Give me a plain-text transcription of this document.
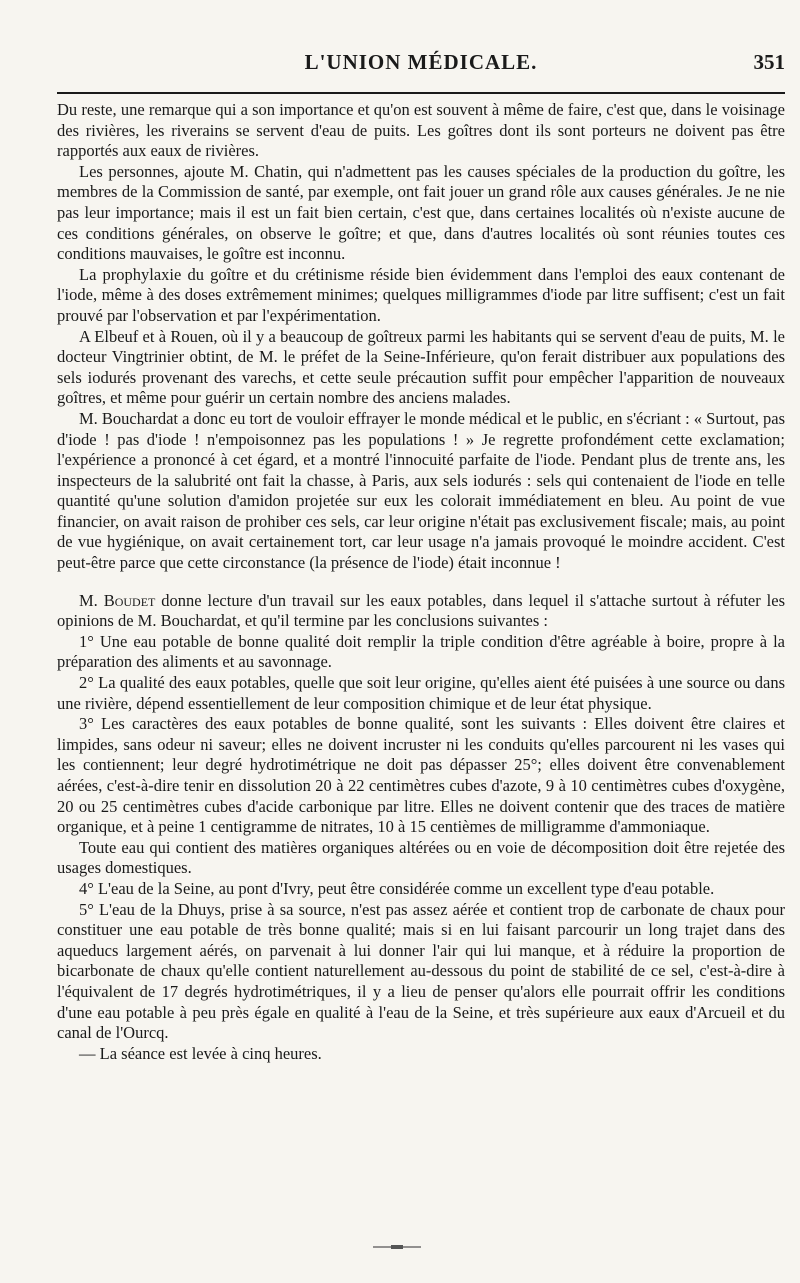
L'UNION MÉDICALE.	351

Du reste, une remarque qui a son importance et qu'on est souvent à même de faire, c'est que, dans le voisinage des rivières, les riverains se servent d'eau de puits. Les goîtres dont ils sont porteurs ne doivent pas être rapportés aux eaux de rivières.

Les personnes, ajoute M. Chatin, qui n'admettent pas les causes spéciales de la production du goître, les membres de la Commission de santé, par exemple, ont fait jouer un grand rôle aux causes générales. Je ne nie pas leur importance; mais il est un fait bien certain, c'est que, dans certaines localités où n'existe aucune de ces conditions générales, on observe le goître; et que, dans d'autres localités où sont réunies toutes ces conditions mauvaises, le goître est inconnu.

La prophylaxie du goître et du crétinisme réside bien évidemment dans l'emploi des eaux contenant de l'iode, même à des doses extrêmement minimes; quelques milligrammes d'iode par litre suffisent; c'est un fait prouvé par l'observation et par l'expérimentation.

A Elbeuf et à Rouen, où il y a beaucoup de goîtreux parmi les habitants qui se servent d'eau de puits, M. le docteur Vingtrinier obtint, de M. le préfet de la Seine-Inférieure, qu'on ferait distribuer aux populations des sels iodurés provenant des varechs, et cette seule précaution suffit pour empêcher l'apparition de nouveaux goîtres, et même pour guérir un certain nombre des anciens malades.

M. Bouchardat a donc eu tort de vouloir effrayer le monde médical et le public, en s'écriant : « Surtout, pas d'iode ! pas d'iode ! n'empoisonnez pas les populations ! » Je regrette profondément cette exclamation; l'expérience a prononcé à cet égard, et a montré l'innocuité parfaite de l'iode. Pendant plus de trente ans, les inspecteurs de la salubrité ont fait la chasse, à Paris, aux sels iodurés : sels qui contenaient de l'iode en telle quantité qu'une solution d'amidon projetée sur eux les colorait immédiatement en bleu. Au point de vue financier, on avait raison de prohiber ces sels, car leur origine n'était pas exclusivement fiscale; mais, au point de vue hygiénique, on avait certainement tort, car leur usage n'a jamais provoqué le moindre accident. C'est peut-être parce que cette circonstance (la présence de l'iode) était inconnue !

M. Boudet donne lecture d'un travail sur les eaux potables, dans lequel il s'attache surtout à réfuter les opinions de M. Bouchardat, et qu'il termine par les conclusions suivantes :

1° Une eau potable de bonne qualité doit remplir la triple condition d'être agréable à boire, propre à la préparation des aliments et au savonnage.

2° La qualité des eaux potables, quelle que soit leur origine, qu'elles aient été puisées à une source ou dans une rivière, dépend essentiellement de leur composition chimique et de leur état physique.

3° Les caractères des eaux potables de bonne qualité, sont les suivants : Elles doivent être claires et limpides, sans odeur ni saveur; elles ne doivent incruster ni les conduits qu'elles parcourent ni les vases qui les contiennent; leur degré hydrotimétrique ne doit pas dépasser 25°; elles doivent être convenablement aérées, c'est-à-dire tenir en dissolution 20 à 22 centimètres cubes d'azote, 9 à 10 centimètres cubes d'oxygène, 20 ou 25 centimètres cubes d'acide carbonique par litre. Elles ne doivent contenir que des traces de matière organique, et à peine 1 centigramme de nitrates, 10 à 15 centièmes de milligramme d'ammoniaque.

Toute eau qui contient des matières organiques altérées ou en voie de décomposition doit être rejetée des usages domestiques.

4° L'eau de la Seine, au pont d'Ivry, peut être considérée comme un excellent type d'eau potable.

5° L'eau de la Dhuys, prise à sa source, n'est pas assez aérée et contient trop de carbonate de chaux pour constituer une eau potable de très bonne qualité; mais si en lui faisant parcourir un long trajet dans des aqueducs largement aérés, on parvenait à lui donner l'air qui lui manque, et à réduire la proportion de bicarbonate de chaux qu'elle contient naturellement au-dessous du point de stabilité de ce sel, c'est-à-dire à l'équivalent de 17 degrés hydrotimétriques, il y a lieu de penser qu'alors elle pourrait offrir les conditions d'une eau potable à peu près égale en qualité à l'eau de la Seine, et très supérieure aux eaux d'Arcueil et du canal de l'Ourcq.

— La séance est levée à cinq heures.
